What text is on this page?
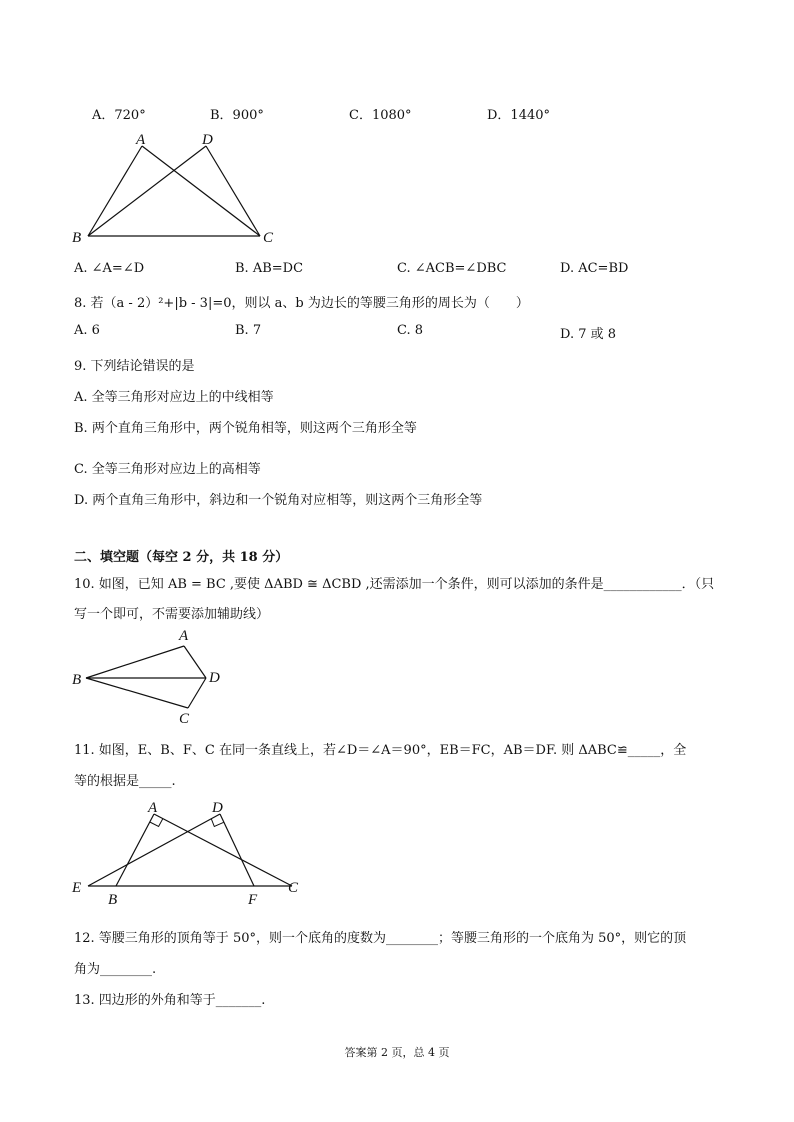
A．720°	B．900°	C．1080°	D．1440°
A	D
B	C
A. ∠A=∠D	B. AB=DC	C. ∠ACB=∠DBC	D. AC=BD
8. 若（a - 2）²+|b - 3|=0，则以 a、b 为边长的等腰三角形的周长为（　　）
A. 6	B. 7	C. 8	D. 7 或 8
9. 下列结论错误的是
A. 全等三角形对应边上的中线相等
B. 两个直角三角形中，两个锐角相等，则这两个三角形全等
C. 全等三角形对应边上的高相等
D. 两个直角三角形中，斜边和一个锐角对应相等，则这两个三角形全等
二、填空题（每空 2 分，共 18 分）
10. 如图，已知 AB = BC ,要使 ΔABD ≅ ΔCBD ,还需添加一个条件，则可以添加的条件是____________．（只
写一个即可，不需要添加辅助线）
A
B	D
C
11. 如图，E、B、F、C 在同一条直线上，若∠D＝∠A＝90°，EB＝FC，AB＝DF. 则 ΔABC≌_____，全
等的根据是_____.
A	D
E
B	F
C
12. 等腰三角形的顶角等于 50°，则一个底角的度数为________；等腰三角形的一个底角为 50°，则它的顶
角为________.
13. 四边形的外角和等于_______.
答案第 2 页，总 4 页
